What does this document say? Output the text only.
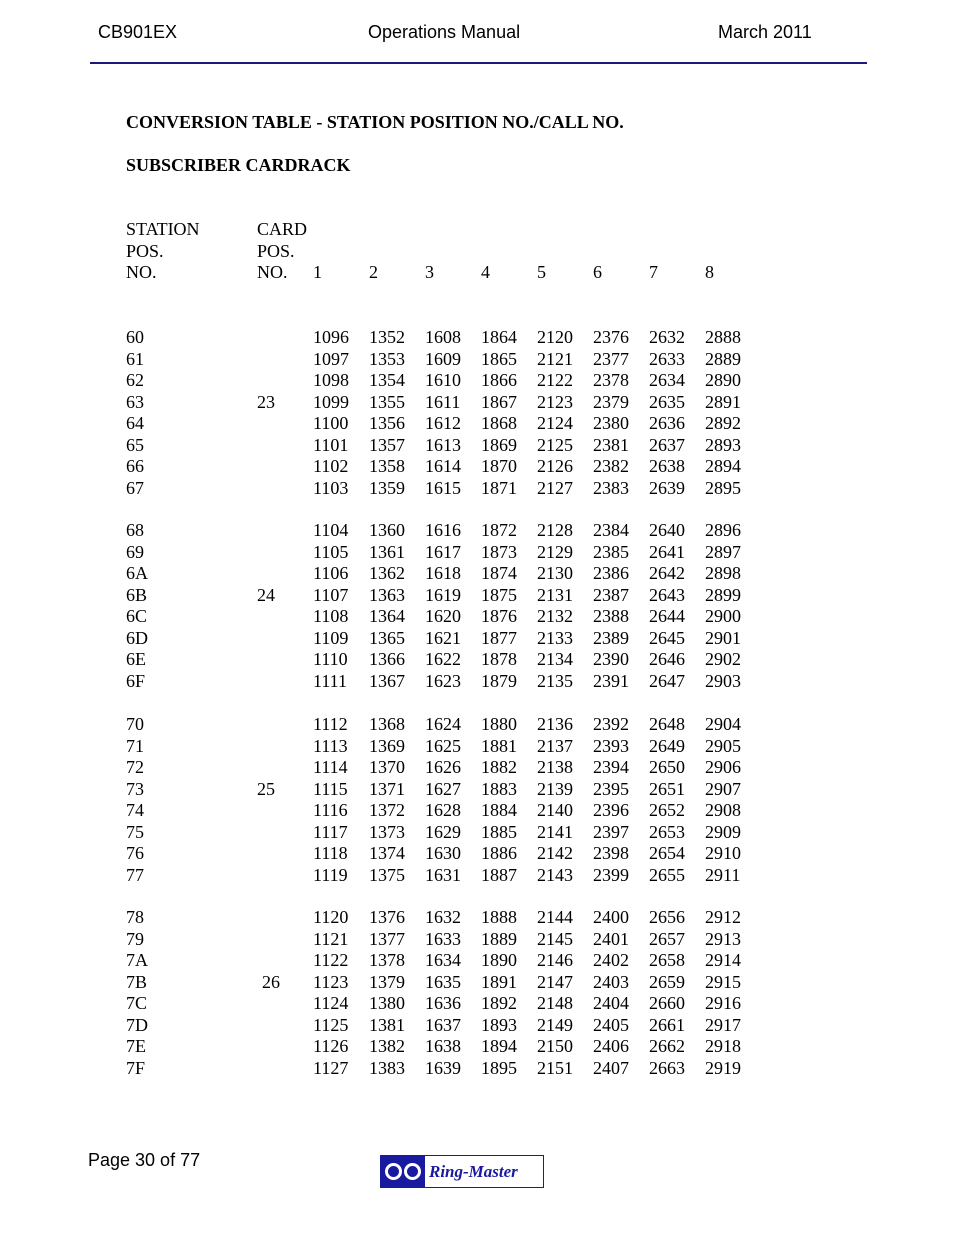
CB901EX	Operations Manual	March 2011
CONVERSION TABLE - STATION POSITION NO./CALL NO.
SUBSCRIBER CARDRACK
STATION
POS.
NO.
CARD
POS.
NO.	1	2	3	4	5	6	7	8
60	1096 1352 1608 1864 2120 2376 2632 2888
61	1097 1353 1609 1865 2121 2377 2633 2889
62	1098 1354 1610 1866 2122 2378 2634 2890
63	23 1099 1355 1611 1867 2123 2379 2635 2891
64	1100 1356 1612 1868 2124 2380 2636 2892
65	1101 1357 1613 1869 2125 2381 2637 2893
66	1102 1358 1614 1870 2126 2382 2638 2894
67	1103 1359 1615 1871 2127 2383 2639 2895
68	1104 1360 1616 1872 2128 2384 2640 2896
69	1105 1361 1617 1873 2129 2385 2641 2897
6A	1106 1362 1618 1874 2130 2386 2642 2898
6B	24 1107 1363 1619 1875 2131 2387 2643 2899
6C	1108 1364 1620 1876 2132 2388 2644 2900
6D	1109 1365 1621 1877 2133 2389 2645 2901
6E	1110 1366 1622 1878 2134 2390 2646 2902
6F	1111 1367 1623 1879 2135 2391 2647 2903
70	1112 1368 1624 1880 2136 2392 2648 2904
71	1113 1369 1625 1881 2137 2393 2649 2905
72	1114 1370 1626 1882 2138 2394 2650 2906
73	25 1115 1371 1627 1883 2139 2395 2651 2907
74	1116 1372 1628 1884 2140 2396 2652 2908
75	1117 1373 1629 1885 2141 2397 2653 2909
76	1118 1374 1630 1886 2142 2398 2654 2910
77	1119 1375 1631 1887 2143 2399 2655 2911
78	1120 1376 1632 1888 2144 2400 2656 2912
79	1121 1377 1633 1889 2145 2401 2657 2913
7A	1122 1378 1634 1890 2146 2402 2658 2914
7B	26 1123 1379 1635 1891 2147 2403 2659 2915
7C	1124 1380 1636 1892 2148 2404 2660 2916
7D	1125 1381 1637 1893 2149 2405 2661 2917
7E	1126 1382 1638 1894 2150 2406 2662 2918
7F	1127 1383 1639 1895 2151 2407 2663 2919
Page 30 of 77
Ring-Master
